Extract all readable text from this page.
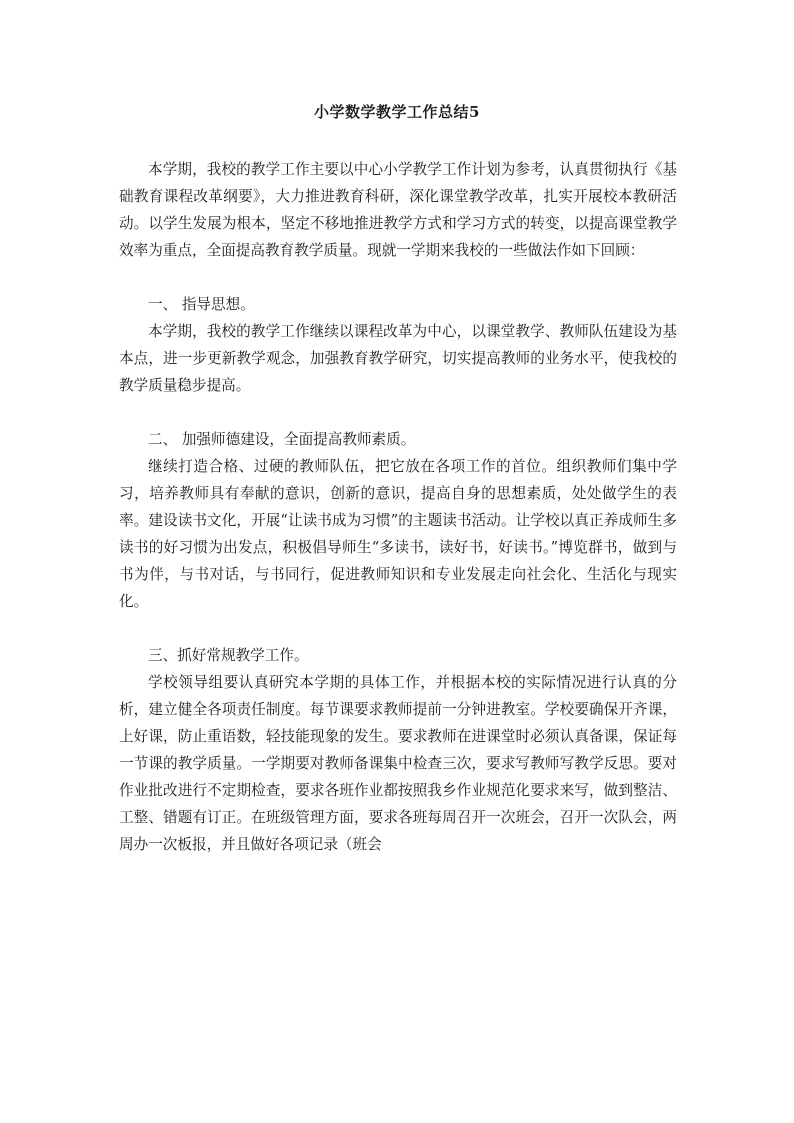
小学数学教学工作总结5

本学期，我校的教学工作主要以中心小学教学工作计划为参考，认真贯彻执行《基础教育课程改革纲要》，大力推进教育科研，深化课堂教学改革，扎实开展校本教研活动。以学生发展为根本，坚定不移地推进教学方式和学习方式的转变，以提高课堂教学效率为重点，全面提高教育教学质量。现就一学期来我校的一些做法作如下回顾：

一、 指导思想。

本学期，我校的教学工作继续以课程改革为中心，以课堂教学、教师队伍建设为基本点，进一步更新教学观念，加强教育教学研究，切实提高教师的业务水平，使我校的教学质量稳步提高。

二、 加强师德建设，全面提高教师素质。

继续打造合格、过硬的教师队伍，把它放在各项工作的首位。组织教师们集中学习，培养教师具有奉献的意识，创新的意识，提高自身的思想素质，处处做学生的表率。建设读书文化，开展“让读书成为习惯”的主题读书活动。让学校以真正养成师生多读书的好习惯为出发点，积极倡导师生“多读书，读好书，好读书。”博览群书，做到与书为伴，与书对话，与书同行，促进教师知识和专业发展走向社会化、生活化与现实化。

三、抓好常规教学工作。

学校领导组要认真研究本学期的具体工作，并根据本校的实际情况进行认真的分析，建立健全各项责任制度。每节课要求教师提前一分钟进教室。学校要确保开齐课，上好课，防止重语数，轻技能现象的发生。要求教师在进课堂时必须认真备课，保证每一节课的教学质量。一学期要对教师备课集中检查三次，要求写教师写教学反思。要对作业批改进行不定期检查，要求各班作业都按照我乡作业规范化要求来写，做到整洁、工整、错题有订正。在班级管理方面，要求各班每周召开一次班会，召开一次队会，两周办一次板报，并且做好各项记录（班会
